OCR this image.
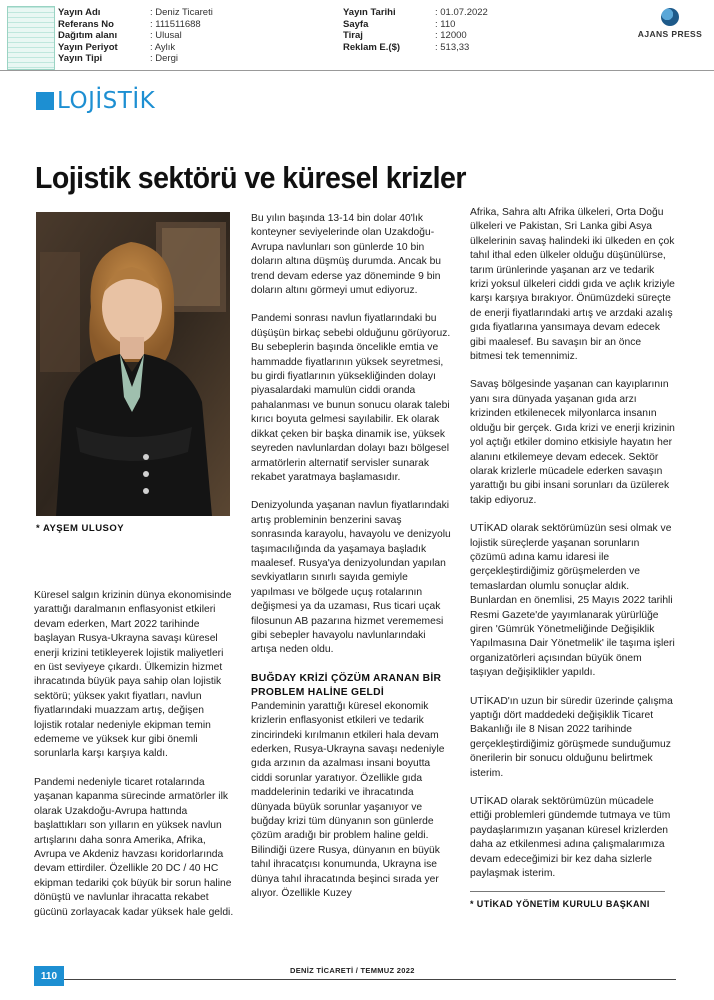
Yayın Adı	: Deniz Ticareti
Referans No	: 111511688
Dağıtım alanı	: Ulusal
Yayın Periyot	: Aylık
Yayın Tipi	: Dergi
Yayın Tarihi	: 01.07.2022
Sayfa	: 110
Tiraj	: 12000
Reklam E.($)	: 513,33
AJANS PRESS
LOJİSTİK
Lojistik sektörü ve küresel krizler
* AYŞEM ULUSOY

Küresel salgın krizinin dünya ekonomisinde yarattığı daralmanın enflasyonist etkileri devam ederken, Mart 2022 tarihinde başlayan Rusya-Ukrayna savaşı küresel enerji krizini tetikleyerek lojistik maliyetleri en üst seviyeye çıkardı. Ülkemizin hizmet ihracatında büyük paya sahip olan lojistik sektörü; yükseк yakıt fiyatları, navlun fiyatlarındaki muazzam artış, değişen lojistik rotalar nedeniyle ekipman temin edememe ve yüksek kur gibi önemli sorunlarla karşı karşıya kaldı.

Pandemi nedeniyle ticaret rotalarında yaşanan kapanma sürecinde armatörler ilk olarak Uzakdoğu-Avrupa hattında başlattıkları son yılların en yüksek navlun artışlarını daha sonra Amerika, Afrika, Avrupa ve Akdeniz havzası koridorlarında devam ettirdiler. Özellikle 20 DC / 40 HC ekipman tedariki çok büyük bir sorun haline dönüştü ve navlunlar ihracatta rekabet gücünü zorlayacak kadar yüksek hale geldi.

Bu yılın başında 13-14 bin dolar 40'lık konteyner seviyelerinde olan Uzakdoğu-Avrupa navlunları son günlerde 10 bin doların altına düşmüş durumda. Ancak bu trend devam ederse yaz döneminde 9 bin doların altını görmeyi umut ediyoruz.

Pandemi sonrası navlun fiyatlarındaki bu düşüşün birkaç sebebi olduğunu görüyoruz. Bu sebeplerin başında öncelikle emtia ve hammadde fiyatlarının yüksek seyretmesi, bu girdi fiyatlarının yüksekliğinden dolayı piyasalardaki mamulün ciddi oranda pahalanması ve bunun sonucu olarak talebi kırıcı boyuta gelmesi sayılabilir. Ek olarak dikkat çeken bir başka dinamik ise, yüksek seyreden navlunlardan dolayı bazı bölgesel armatörlerin alternatif servisler sunarak rekabet yaratmaya başlamasıdır.

Denizyolunda yaşanan navlun fiyatlarındaki artış probleminin benzerini savaş sonrasında karayolu, havayolu ve denizyolu taşımacılığında da yaşamaya başladık maalesef. Rusya'ya denizyolundan yapılan sevkiyatların sınırlı sayıda gemiyle yapılması ve bölgede uçuş rotalarının değişmesi ya da uzaması, Rus ticari uçak filosunun AB pazarına hizmet verememesi gibi sebepler havayolu navlunlarındaki artışa neden oldu.

BUĞDAY KRİZİ ÇÖZÜM ARANAN BİR PROBLEM HALİNE GELDİ

Pandeminin yarattığı küresel ekonomik krizlerin enflasyonist etkileri ve tedarik zincirindeki kırılmanın etkileri hala devam ederken, Rusya-Ukrayna savaşı nedeniyle gıda arzının da azalması insani boyutta ciddi sorunlar yaratıyor. Özellikle gıda maddelerinin tedariki ve ihracatında dünyada büyük sorunlar yaşanıyor ve buğday krizi tüm dünyanın son günlerde çözüm aradığı bir problem haline geldi. Bilindiği üzere Rusya, dünyanın en büyük tahıl ihracatçısı konumunda, Ukrayna ise dünya tahıl ihracatında beşinci sırada yer alıyor. Özellikle Kuzey

Afrika, Sahra altı Afrika ülkeleri, Orta Doğu ülkeleri ve Pakistan, Sri Lanka gibi Asya ülkelerinin savaş halindeki iki ülkeden en çok tahıl ithal eden ülkeler olduğu düşünülürse, tarım ürünlerinde yaşanan arz ve tedarik krizi yoksul ülkeleri ciddi gıda ve açlık kriziyle karşı karşıya bırakıyor. Önümüzdeki süreçte de enerji fiyatlarındaki artış ve arzdaki azalış gıda fiyatlarına yansımaya devam edecek gibi maalesef. Bu savaşın bir an önce bitmesi tek temennimiz.

Savaş bölgesinde yaşanan can kayıplarının yanı sıra dünyada yaşanan gıda arzı krizinden etkilenecek milyonlarca insanın olduğu bir gerçek. Gıda krizi ve enerji krizinin yol açtığı etkiler domino etkisiyle hayatın her alanını etkilemeye devam edecek. Sektör olarak krizlerle mücadele ederken savaşın yarattığı bu gibi insani sorunları da üzülerek takip ediyoruz.

UTİKAD olarak sektörümüzün sesi olmak ve lojistik süreçlerde yaşanan sorunların çözümü adına kamu idaresi ile gerçekleştirdiğimiz görüşmelerden ve temaslardan olumlu sonuçlar aldık. Bunlardan en önemlisi, 25 Mayıs 2022 tarihli Resmi Gazete'de yayımlanarak yürürlüğe giren 'Gümrük Yönetmeliğinde Değişiklik Yapılmasına Dair Yönetmelik' ile taşıma işleri organizatörleri açısından büyük önem taşıyan değişiklikler yapıldı.

UTİKAD'ın uzun bir süredir üzerinde çalışma yaptığı dört maddedeki değişiklik Ticaret Bakanlığı ile 8 Nisan 2022 tarihinde gerçekleştirdiğimiz görüşmede sunduğumuz önerilerin bir sonucu olduğunu belirtmek isterim.

UTİKAD olarak sektörümüzün mücadele ettiği problemleri gündemde tutmaya ve tüm paydaşlarımızın yaşanan küresel krizlerden daha az etkilenmesi adına çalışmalarımıza devam edeceğimizi bir kez daha sizlerle paylaşmak isterim.

* UTİKAD YÖNETİM KURULU BAŞKANI
110	DENİZ TİCARETİ / TEMMUZ 2022
